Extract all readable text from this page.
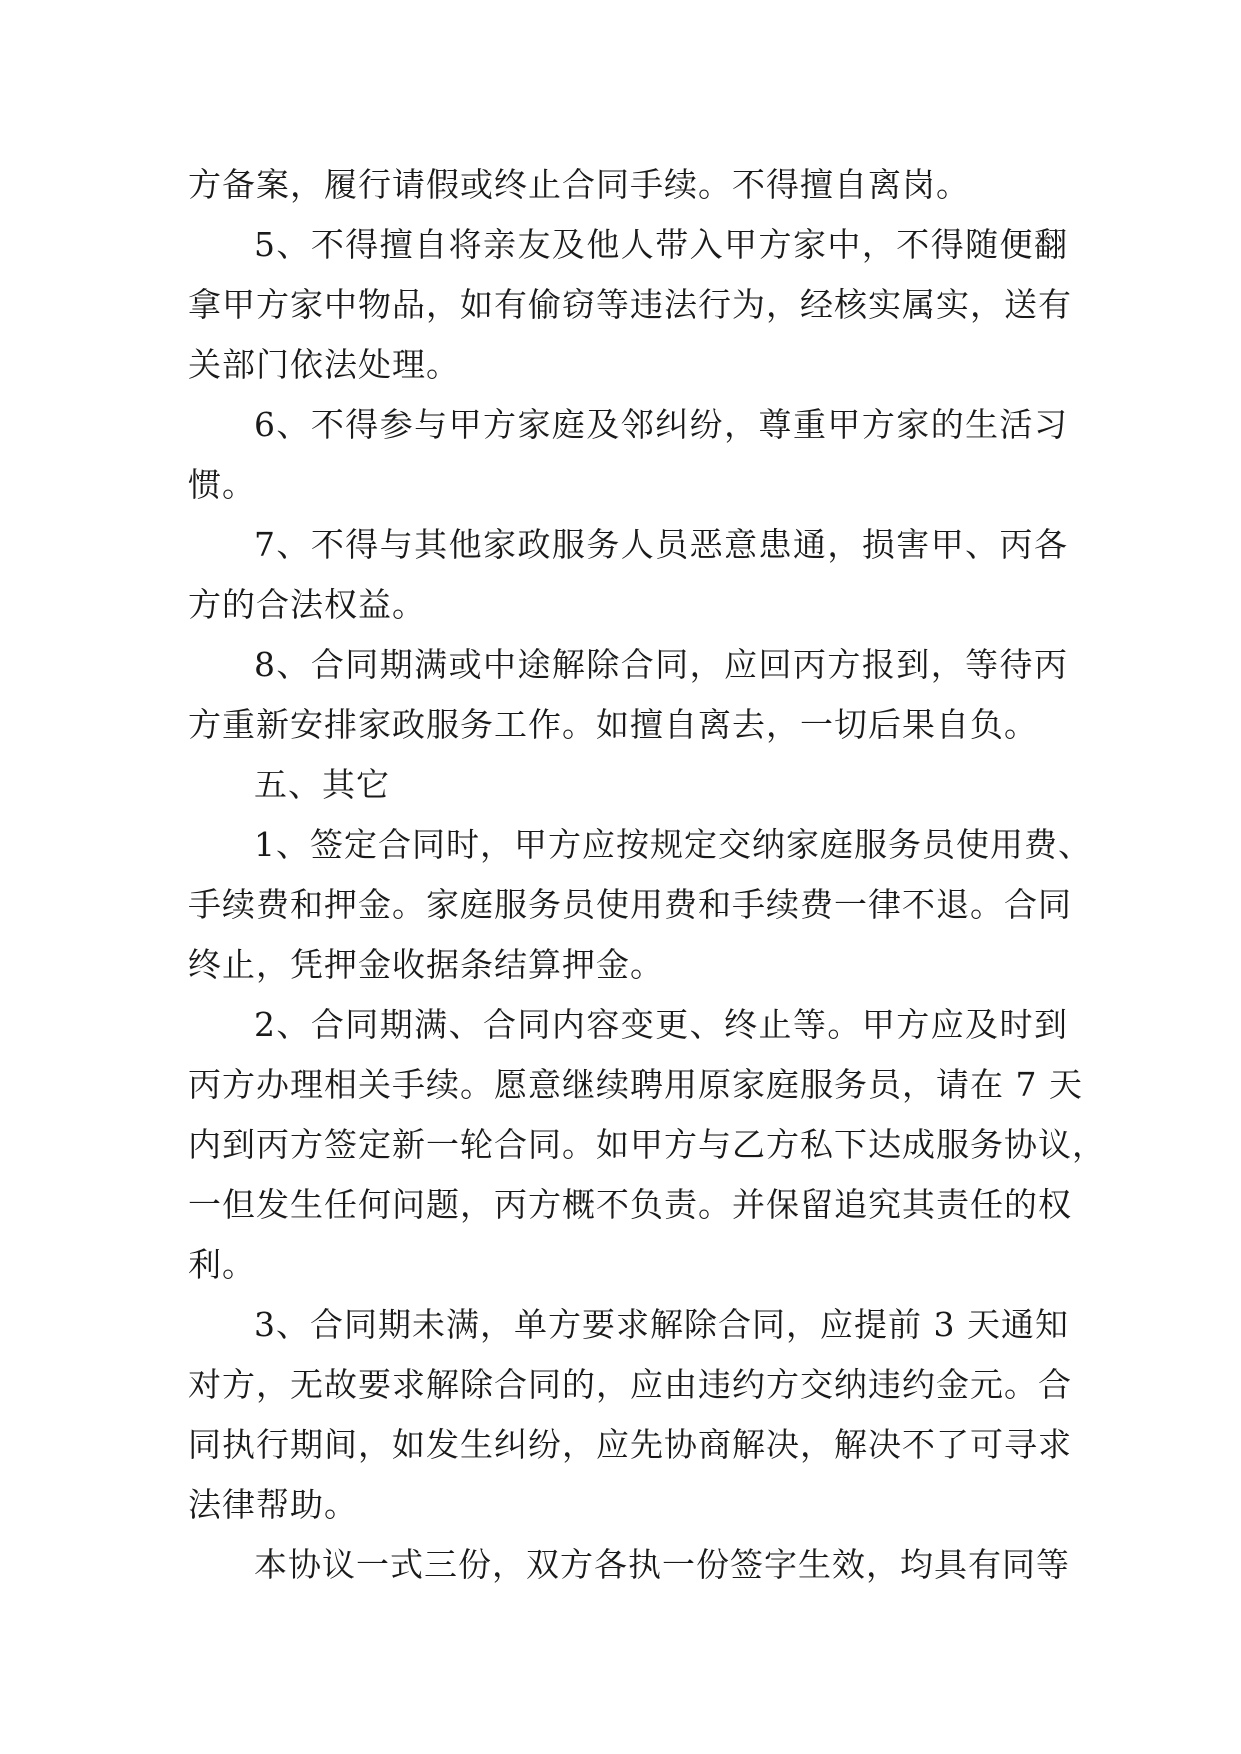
方备案，履行请假或终止合同手续。不得擅自离岗。
5、不得擅自将亲友及他人带入甲方家中，不得随便翻
拿甲方家中物品，如有偷窃等违法行为，经核实属实，送有
关部门依法处理。
6、不得参与甲方家庭及邻纠纷，尊重甲方家的生活习
惯。
7、不得与其他家政服务人员恶意患通，损害甲、丙各
方的合法权益。
8、合同期满或中途解除合同，应回丙方报到，等待丙
方重新安排家政服务工作。如擅自离去，一切后果自负。
五、其它
1、签定合同时，甲方应按规定交纳家庭服务员使用费、
手续费和押金。家庭服务员使用费和手续费一律不退。合同
终止，凭押金收据条结算押金。
2、合同期满、合同内容变更、终止等。甲方应及时到
丙方办理相关手续。愿意继续聘用原家庭服务员，请在 7 天
内到丙方签定新一轮合同。如甲方与乙方私下达成服务协议，
一但发生任何问题，丙方概不负责。并保留追究其责任的权
利。
3、合同期未满，单方要求解除合同，应提前 3 天通知
对方，无故要求解除合同的，应由违约方交纳违约金元。合
同执行期间，如发生纠纷，应先协商解决，解决不了可寻求
法律帮助。
本协议一式三份，双方各执一份签字生效，均具有同等
